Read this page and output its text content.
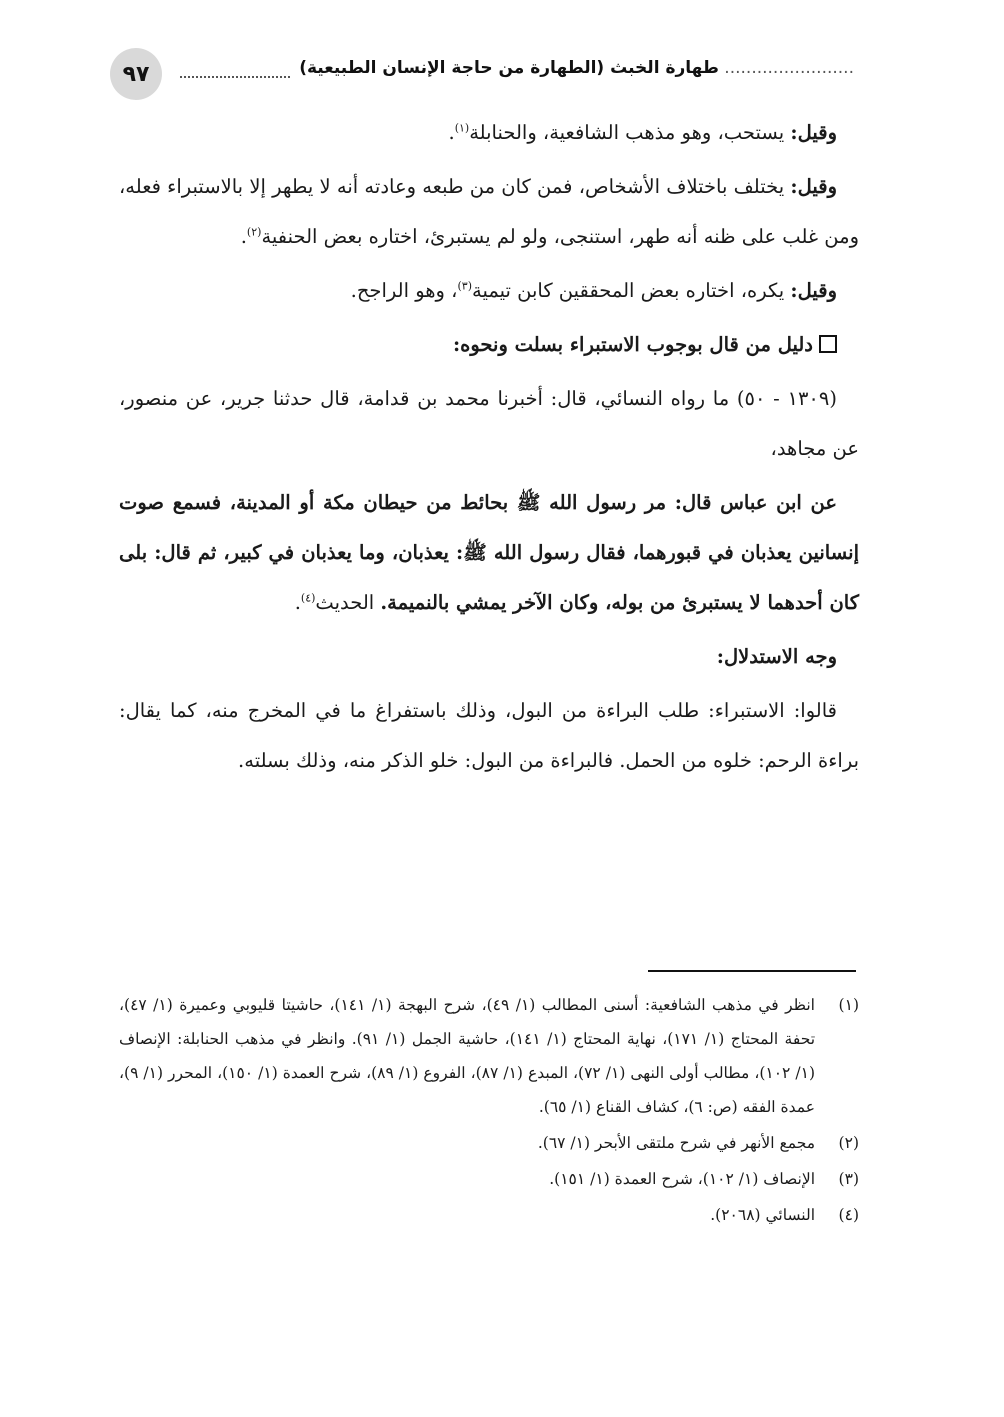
٩٧	........................ طهارة الخبث (الطهارة من حاجة الإنسان الطبيعية)

وقيل: يستحب، وهو مذهب الشافعية، والحنابلة$^{(١)}$.

وقيل: يختلف باختلاف الأشخاص، فمن كان من طبعه وعادته أنه لا يطهر إلا بالاستبراء فعله، ومن غلب على ظنه أنه طهر، استنجى، ولو لم يستبرئ، اختاره بعض الحنفية$^{(٢)}$.

وقيل: يكره، اختاره بعض المحققين كابن تيمية$^{(٣)}$، وهو الراجح.

دليل من قال بوجوب الاستبراء بسلت ونحوه:

(١٣٠٩ - ٥٠) ما رواه النسائي، قال: أخبرنا محمد بن قدامة، قال حدثنا جرير، عن منصور، عن مجاهد،

عن ابن عباس قال: مر رسول الله ﷺ بحائط من حيطان مكة أو المدينة، فسمع صوت إنسانين يعذبان في قبورهما، فقال رسول الله ﷺ: يعذبان، وما يعذبان في كبير، ثم قال: بلى كان أحدهما لا يستبرئ من بوله، وكان الآخر يمشي بالنميمة. الحديث$^{(٤)}$.

وجه الاستدلال:

قالوا: الاستبراء: طلب البراءة من البول، وذلك باستفراغ ما في المخرج منه، كما يقال: براءة الرحم: خلوه من الحمل. فالبراءة من البول: خلو الذكر منه، وذلك بسلته.

(١)
انظر في مذهب الشافعية: أسنى المطالب (١/ ٤٩)، شرح البهجة (١/ ١٤١)، حاشيتا قليوبي وعميرة (١/ ٤٧)، تحفة المحتاج (١/ ١٧١)، نهاية المحتاج (١/ ١٤١)، حاشية الجمل (١/ ٩١). وانظر في مذهب الحنابلة: الإنصاف (١/ ١٠٢)، مطالب أولى النهى (١/ ٧٢)، المبدع (١/ ٨٧)، الفروع (١/ ٨٩)، شرح العمدة (١/ ١٥٠)، المحرر (١/ ٩)، عمدة الفقه (ص: ٦)، كشاف القناع (١/ ٦٥).

(٢)
مجمع الأنهر في شرح ملتقى الأبحر (١/ ٦٧).

(٣)
الإنصاف (١/ ١٠٢)، شرح العمدة (١/ ١٥١).

(٤)
النسائي (٢٠٦٨).
